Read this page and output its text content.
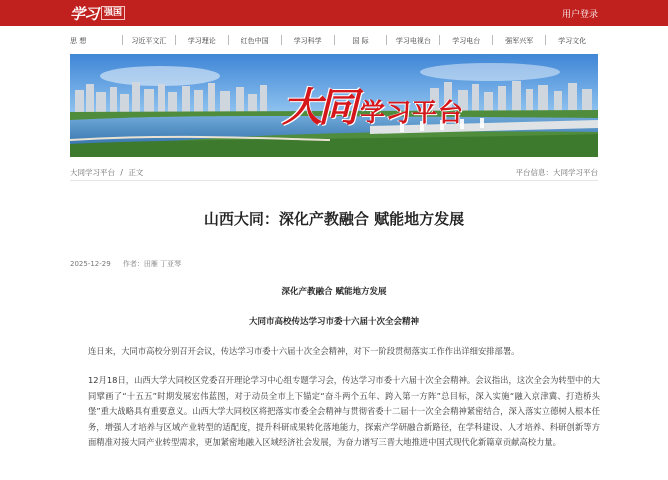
学习 强国	用户登录
思 想	习近平文汇	学习理论	红色中国	学习科学	国 际	学习电视台	学习电台	强军兴军	学习文化
大同 学习平台
大同学习平台 / 正文	平台信息：大同学习平台
山西大同：深化产教融合 赋能地方发展
2025-12-29 作者：田雁 丁亚琴
深化产教融合 赋能地方发展
大同市高校传达学习市委十六届十次全会精神
连日来，大同市高校分别召开会议，传达学习市委十六届十次全会精神，对下一阶段贯彻落实工作作出详细安排部署。
12月18日，山西大学大同校区党委召开理论学习中心组专题学习会，传达学习市委十六届十次全会精神。会议指出，这次全会为转型中的大同擘画了“十五五”时期发展宏伟蓝图，对于动员全市上下锚定“奋斗两个五年、跨入第一方阵”总目标，深入实施“融入京津冀、打造桥头堡”重大战略具有重要意义。山西大学大同校区将把落实市委全会精神与贯彻省委十二届十一次全会精神紧密结合，深入落实立德树人根本任务，增强人才培养与区域产业转型的适配度，提升科研成果转化落地能力，探索产学研融合新路径，在学科建设、人才培养、科研创新等方面精准对接大同产业转型需求，更加紧密地融入区域经济社会发展，为奋力谱写三晋大地推进中国式现代化新篇章贡献高校力量。
